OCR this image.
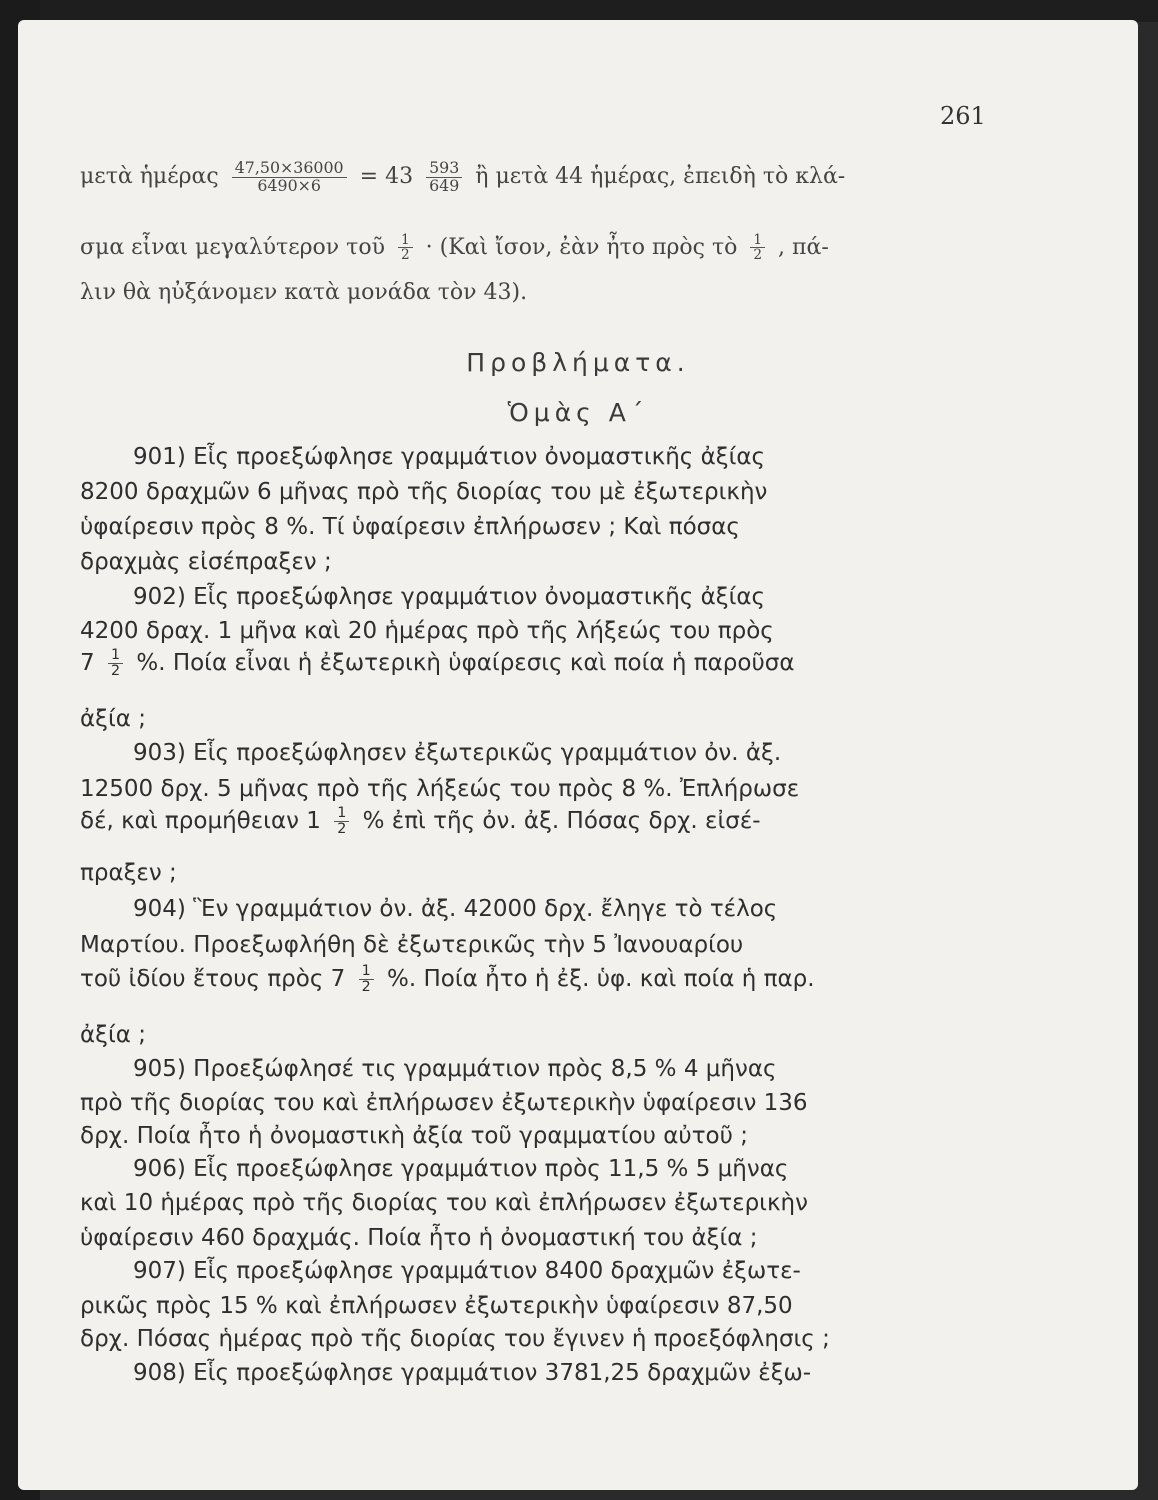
261
μετὰ ἡμέρας $\frac{47,50\times 36000}{6490\times 6} = 43 \frac{593}{649}$ ἢ μετὰ 44 ἡμέρας, ἐπειδὴ τὸ κλά-
σμα εἶναι μεγαλύτερον τοῦ $\frac{1}{2}$ · (Καὶ ἴσον, ἐὰν ἦτο πρὸς τὸ $\frac{1}{2}$ , πά-
λιν θὰ ηὐξάνομεν κατὰ μονάδα τὸν 43).
Προβλήματα.
Ὁμὰς Α΄
901) Εἷς προεξώφλησε γραμμάτιον ὀνομαστικῆς ἀξίας
8200 δραχμῶν 6 μῆνας πρὸ τῆς διορίας του μὲ ἐξωτερικὴν
ὑφαίρεσιν πρὸς 8 %. Τί ὑφαίρεσιν ἐπλήρωσεν ; Καὶ πόσας
δραχμὰς εἰσέπραξεν ;
902) Εἷς προεξώφλησε γραμμάτιον ὀνομαστικῆς ἀξίας
4200 δραχ. 1 μῆνα καὶ 20 ἡμέρας πρὸ τῆς λήξεώς του πρὸς
$7 \frac{1}{2}$ %. Ποία εἶναι ἡ ἐξωτερικὴ ὑφαίρεσις καὶ ποία ἡ παροῦσα
ἀξία ;
903) Εἷς προεξώφλησεν ἐξωτερικῶς γραμμάτιον ὀν. ἀξ.
12500 δρχ. 5 μῆνας πρὸ τῆς λήξεώς του πρὸς 8 %. Ἐπλήρωσε
δέ, καὶ προμήθειαν $1 \frac{1}{2}$ % ἐπὶ τῆς ὀν. ἀξ. Πόσας δρχ. εἰσέ-
πραξεν ;
904) Ἓν γραμμάτιον ὀν. ἀξ. 42000 δρχ. ἔληγε τὸ τέλος
Μαρτίου. Προεξωφλήθη δὲ ἐξωτερικῶς τὴν 5 Ἰανουαρίου
τοῦ ἰδίου ἔτους πρὸς $7 \frac{1}{2}$ %. Ποία ἦτο ἡ ἐξ. ὑφ. καὶ ποία ἡ παρ.
ἀξία ;
905) Προεξώφλησέ τις γραμμάτιον πρὸς 8,5 % 4 μῆνας
πρὸ τῆς διορίας του καὶ ἐπλήρωσεν ἐξωτερικὴν ὑφαίρεσιν 136
δρχ. Ποία ἦτο ἡ ὀνομαστικὴ ἀξία τοῦ γραμματίου αὐτοῦ ;
906) Εἷς προεξώφλησε γραμμάτιον πρὸς 11,5 % 5 μῆνας
καὶ 10 ἡμέρας πρὸ τῆς διορίας του καὶ ἐπλήρωσεν ἐξωτερικὴν
ὑφαίρεσιν 460 δραχμάς. Ποία ἦτο ἡ ὀνομαστική του ἀξία ;
907) Εἷς προεξώφλησε γραμμάτιον 8400 δραχμῶν ἐξωτε-
ρικῶς πρὸς 15 % καὶ ἐπλήρωσεν ἐξωτερικὴν ὑφαίρεσιν 87,50
δρχ. Πόσας ἡμέρας πρὸ τῆς διορίας του ἔγινεν ἡ προεξόφλησις ;
908) Εἷς προεξώφλησε γραμμάτιον 3781,25 δραχμῶν ἐξω-
